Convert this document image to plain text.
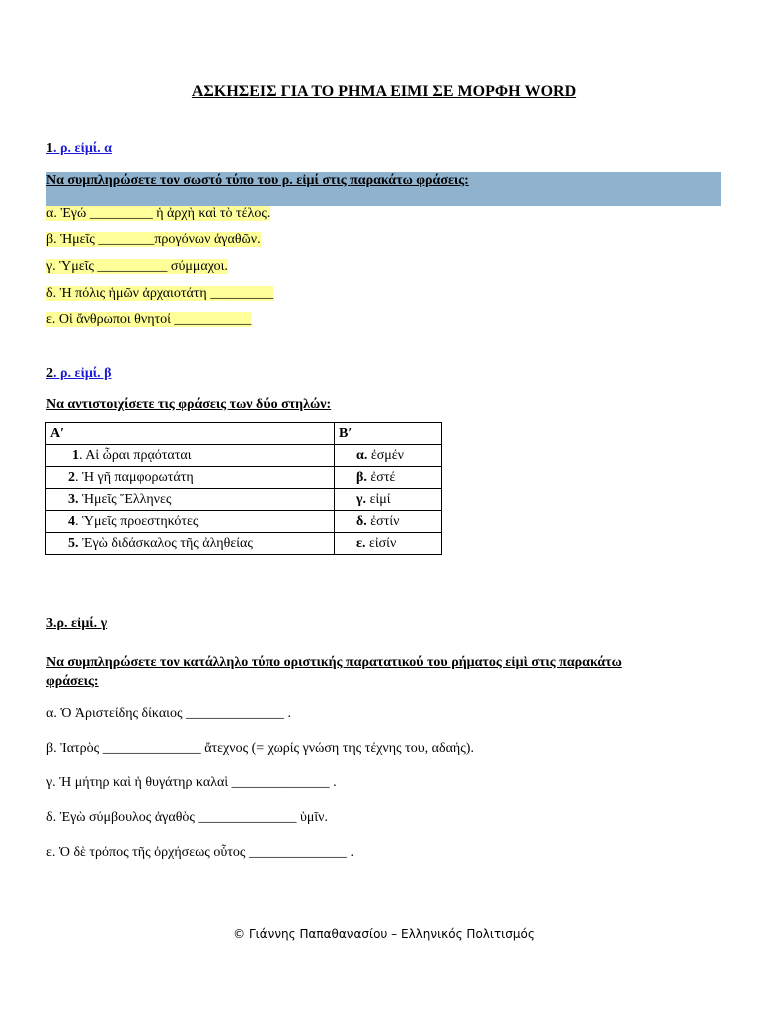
ΑΣΚΗΣΕΙΣ ΓΙΑ ΤΟ ΡΗΜΑ ΕΙΜΙ ΣΕ ΜΟΡΦΗ WORD
1. ρ. εἰμί. α
Να συμπληρώσετε τον σωστό τύπο του ρ. εἰμί στις παρακάτω φράσεις:
α. Ἐγώ _________ ἡ ἀρχὴ καὶ τὸ τέλος.
β. Ἡμεῖς ________προγόνων ἀγαθῶν.
γ. Ὑμεῖς __________ σύμμαχοι.
δ. Ἡ πόλις ἡμῶν ἀρχαιοτάτη _________
ε. Οἱ ἄνθρωποι θνητοί ___________
2. ρ. εἰμί. β
Να αντιστοιχίσετε τις φράσεις των δύο στηλών:
A′	B′
1. Αἱ ὧραι πρᾳόταται	α. ἐσμέν
2. Ἡ γῆ παμφορωτάτη	β. ἐστέ
3. Ἡμεῖς Ἕλληνες	γ. εἰμί
4. Ὑμεῖς προεστηκότες	δ. ἐστίν
5. Ἐγὼ διδάσκαλος τῆς ἀληθείας	ε. εἰσίν
3.ρ. εἰμί. γ
Να συμπληρώσετε τον κατάλληλο τύπο οριστικής παρατατικού του ρήματος εἰμὶ στις παρακάτω
φράσεις:
α. Ὁ Ἀριστείδης δίκαιος ______________ .
β. Ἰατρὸς ______________ ἄτεχνος (= χωρίς γνώση της τέχνης του, αδαής).
γ. Ἡ μήτηρ καὶ ἡ θυγάτηρ καλαὶ ______________ .
δ. Ἐγὼ σύμβουλος ἀγαθὸς ______________ ὑμῖν.
ε. Ὁ δὲ τρόπος τῆς ὀρχήσεως οὗτος ______________ .
© Γιάννης Παπαθανασίου – Ελληνικός Πολιτισμός
